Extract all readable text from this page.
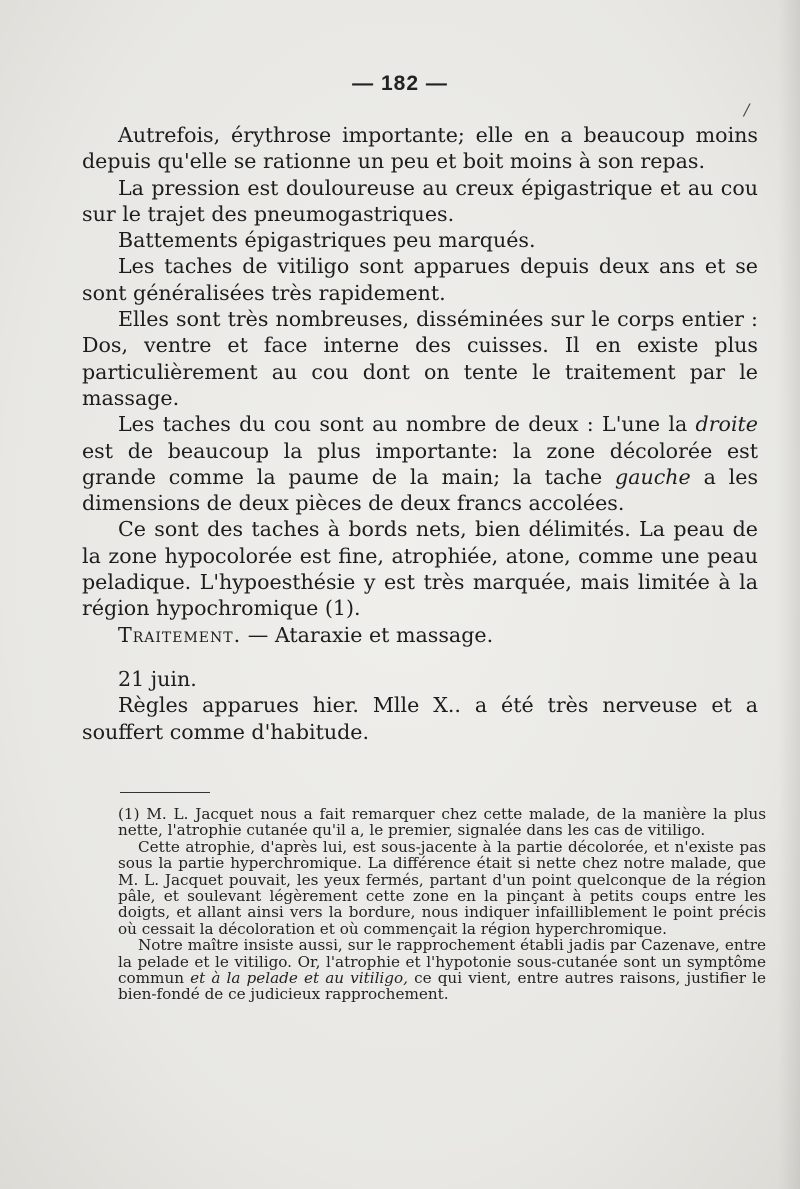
— 182 —
/

Autrefois, érythrose importante; elle en a beaucoup moins depuis qu'elle se rationne un peu et boit moins à son repas.

La pression est douloureuse au creux épigastrique et au cou sur le trajet des pneumogastriques.

Battements épigastriques peu marqués.

Les taches de vitiligo sont apparues depuis deux ans et se sont généralisées très rapidement.

Elles sont très nombreuses, disséminées sur le corps entier : Dos, ventre et face interne des cuisses. Il en existe plus particulièrement au cou dont on tente le traitement par le massage.

Les taches du cou sont au nombre de deux : L'une la droite est de beaucoup la plus importante: la zone décolorée est grande comme la paume de la main; la tache gauche a les dimensions de deux pièces de deux francs accolées.

Ce sont des taches à bords nets, bien délimités. La peau de la zone hypocolorée est fine, atrophiée, atone, comme une peau peladique. L'hypoesthésie y est très marquée, mais limitée à la région hypochromique (1).

Traitement. — Ataraxie et massage.

21 juin.

Règles apparues hier. Mlle X.. a été très nerveuse et a souffert comme d'habitude.

(1) M. L. Jacquet nous a fait remarquer chez cette malade, de la manière la plus nette, l'atrophie cutanée qu'il a, le premier, signalée dans les cas de vitiligo.

Cette atrophie, d'après lui, est sous-jacente à la partie décolorée, et n'existe pas sous la partie hyperchromique. La différence était si nette chez notre malade, que M. L. Jacquet pouvait, les yeux fermés, partant d'un point quelconque de la région pâle, et soulevant légèrement cette zone en la pinçant à petits coups entre les doigts, et allant ainsi vers la bordure, nous indiquer infailliblement le point précis où cessait la décoloration et où commençait la région hyperchromique.

Notre maître insiste aussi, sur le rapprochement établi jadis par Cazenave, entre la pelade et le vitiligo. Or, l'atrophie et l'hypotonie sous-cutanée sont un symptôme commun et à la pelade et au vitiligo, ce qui vient, entre autres raisons, justifier le bien-fondé de ce judicieux rapprochement.
